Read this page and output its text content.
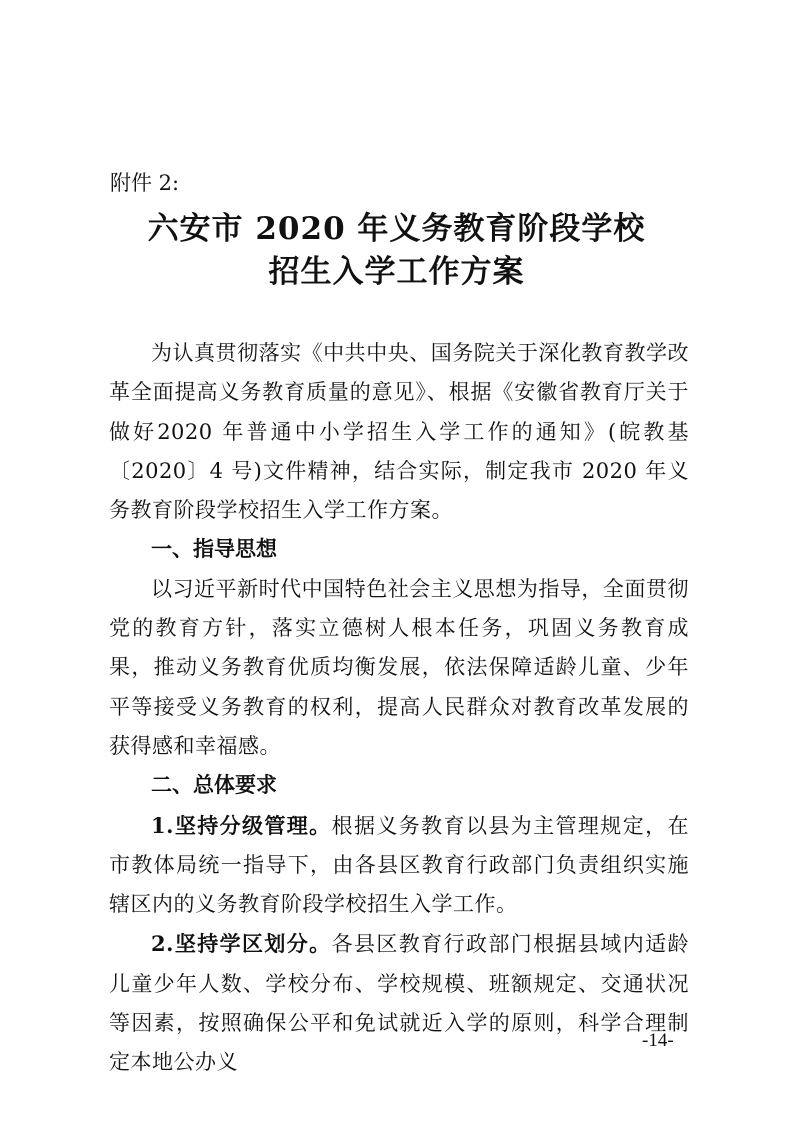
附件 2:
六安市 2020 年义务教育阶段学校
招生入学工作方案

为认真贯彻落实《中共中央、国务院关于深化教育教学改革全面提高义务教育质量的意见》、根据《安徽省教育厅关于做好2020 年普通中小学招生入学工作的通知》(皖教基〔2020〕4 号)文件精神，结合实际，制定我市 2020 年义务教育阶段学校招生入学工作方案。

一、指导思想

以习近平新时代中国特色社会主义思想为指导，全面贯彻党的教育方针，落实立德树人根本任务，巩固义务教育成果，推动义务教育优质均衡发展，依法保障适龄儿童、少年平等接受义务教育的权利，提高人民群众对教育改革发展的获得感和幸福感。

二、总体要求

1.坚持分级管理。根据义务教育以县为主管理规定，在市教体局统一指导下，由各县区教育行政部门负责组织实施辖区内的义务教育阶段学校招生入学工作。

2.坚持学区划分。各县区教育行政部门根据县域内适龄儿童少年人数、学校分布、学校规模、班额规定、交通状况等因素，按照确保公平和免试就近入学的原则，科学合理制定本地公办义

-14-
